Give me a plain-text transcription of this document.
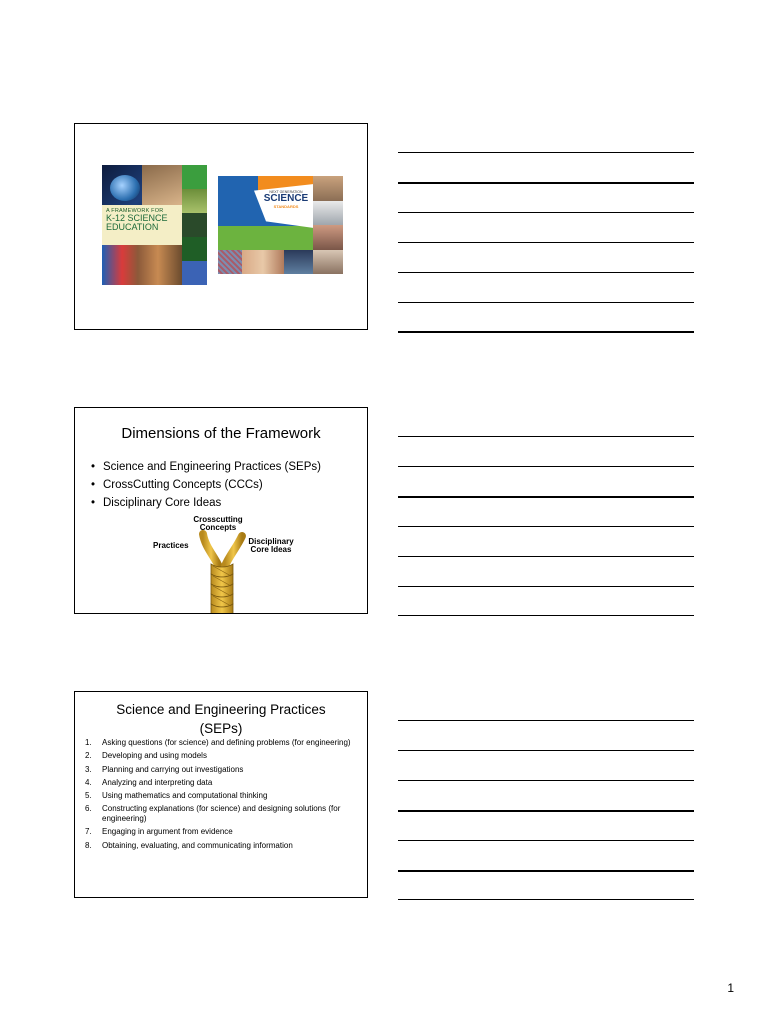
A FRAMEWORK FOR
K-12 SCIENCE EDUCATION
NEXT GENERATION
SCIENCE
STANDARDS
Dimensions of the Framework
• Science and Engineering Practices (SEPs)
• CrossCutting Concepts (CCCs)
• Disciplinary Core Ideas
Crosscutting
Concepts
Practices	Disciplinary
Core Ideas
Science and Engineering Practices
(SEPs)
1. Asking questions (for science) and defining problems (for engineering)
2. Developing and using models
3. Planning and carrying out investigations
4. Analyzing and interpreting data
5. Using mathematics and computational thinking
6. Constructing explanations (for science) and designing solutions (for engineering)
7. Engaging in argument from evidence
8. Obtaining, evaluating, and communicating information
1
